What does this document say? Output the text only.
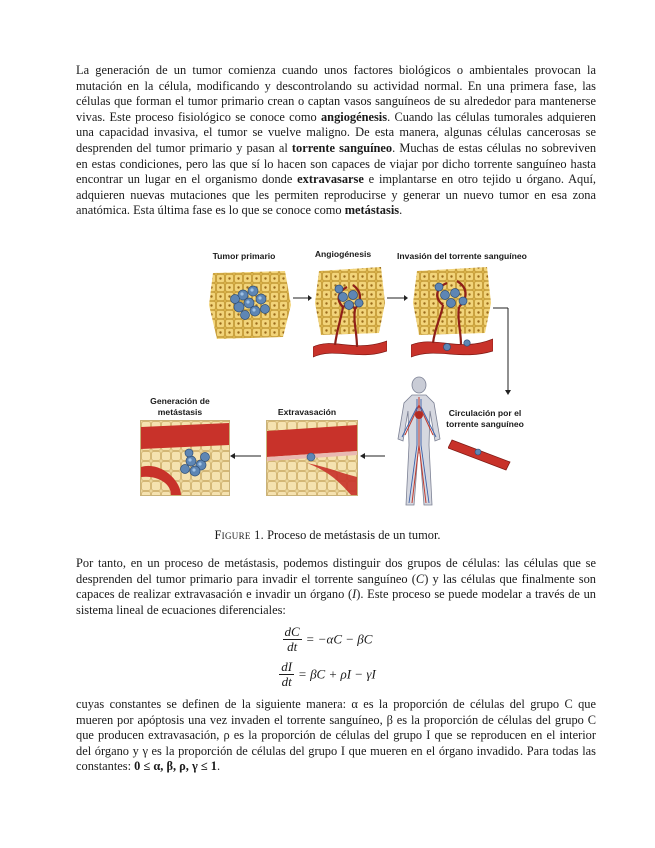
La generación de un tumor comienza cuando unos factores biológicos o ambientales provocan la mutación en la célula, modificando y descontrolando su actividad normal. En una primera fase, las células que forman el tumor primario crean o captan vasos sanguíneos de su alrededor para mantenerse vivas. Este proceso fisiológico se conoce como angiogénesis. Cuando las células tumorales adquieren una capacidad invasiva, el tumor se vuelve maligno. De esta manera, algunas células cancerosas se desprenden del tumor primario y pasan al torrente sanguíneo. Muchas de estas células no sobreviven en estas condiciones, pero las que sí lo hacen son capaces de viajar por dicho torrente sanguíneo hasta encontrar un lugar en el organismo donde extravasarse e implantarse en otro tejido u órgano. Aquí, adquieren nuevas mutaciones que les permiten reproducirse y generar un nuevo tumor en esa zona anatómica. Esta última fase es lo que se conoce como metástasis.

Tumor primario	Angiogénesis	Invasión del torrente sanguíneo
Circulación por el torrente sanguíneo
Extravasación
Generación de metástasis
Figure 1. Proceso de metástasis de un tumor.

Por tanto, en un proceso de metástasis, podemos distinguir dos grupos de células: las células que se desprenden del tumor primario para invadir el torrente sanguíneo (C) y las células que finalmente son capaces de realizar extravasación e invadir un órgano (I). Este proceso se puede modelar a través de un sistema lineal de ecuaciones diferenciales:

$\frac{dC}{dt} = -\alpha C - \beta C$
$\frac{dI}{dt} = \beta C + \rho I - \gamma I$

cuyas constantes se definen de la siguiente manera: α es la proporción de células del grupo C que mueren por apóptosis una vez invaden el torrente sanguíneo, β es la proporción de células del grupo C que producen extravasación, ρ es la proporción de células del grupo I que se reproducen en el interior del órgano y γ es la proporción de células del grupo I que mueren en el órgano invadido. Para todas las constantes: 0 ≤ α, β, ρ, γ ≤ 1.
